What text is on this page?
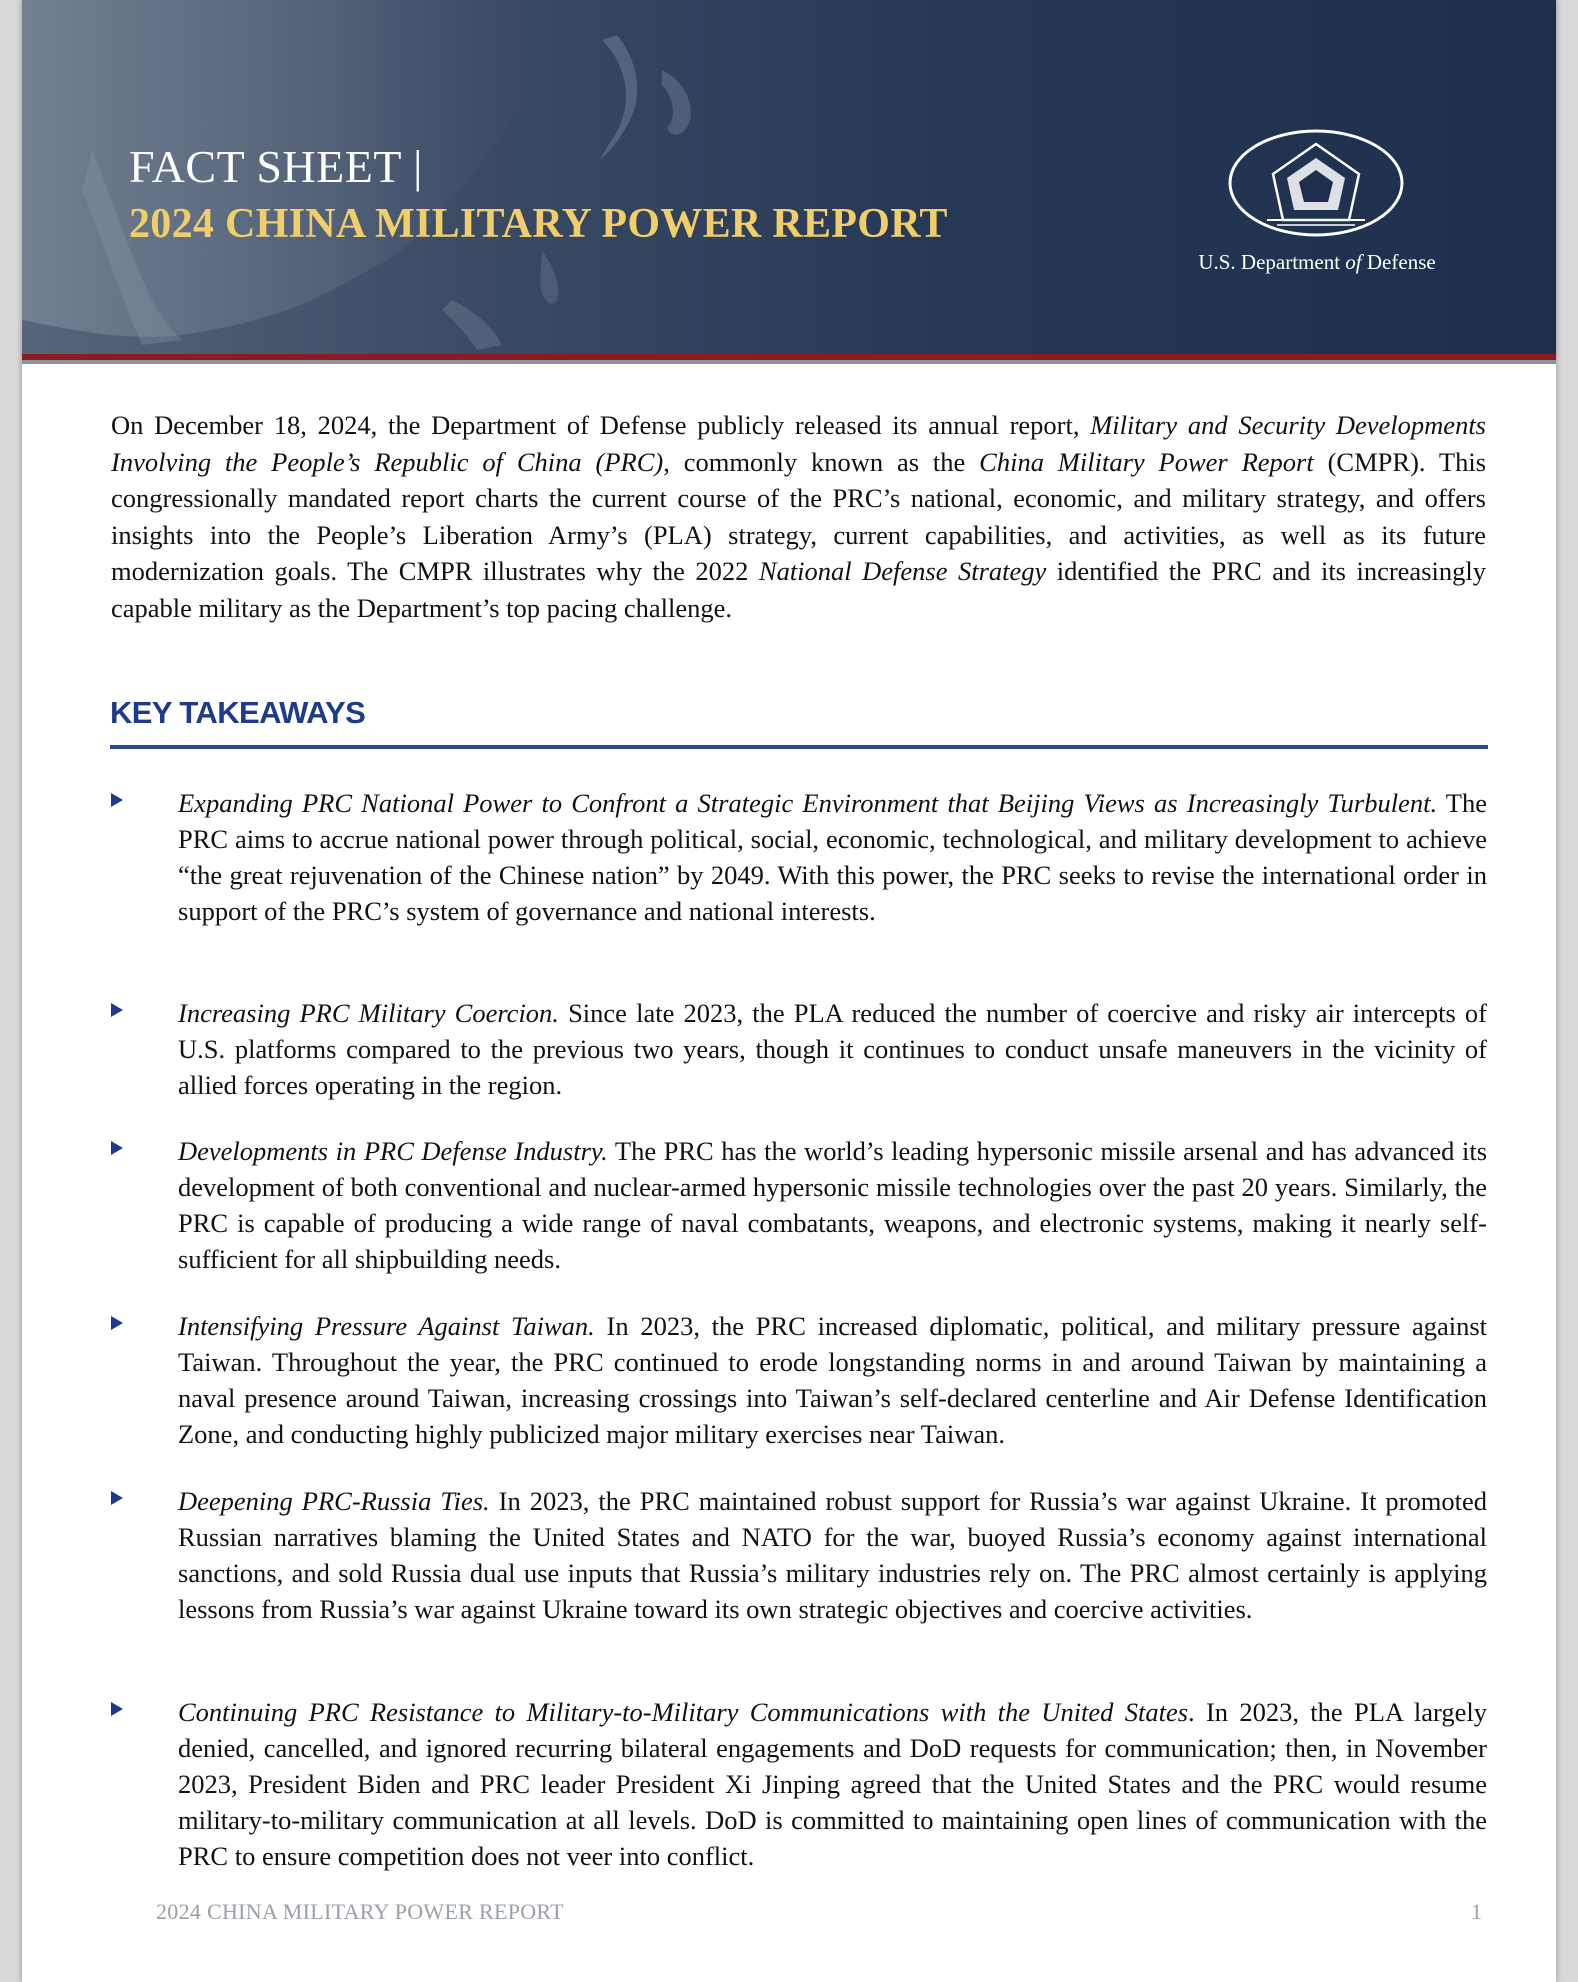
FACT SHEET |
2024 CHINA MILITARY POWER REPORT
U.S. Department of Defense

On December 18, 2024, the Department of Defense publicly released its annual report, Military and Security Developments Involving the People’s Republic of China (PRC), commonly known as the China Military Power Report (CMPR). This congressionally mandated report charts the current course of the PRC’s national, economic, and military strategy, and offers insights into the People’s Liberation Army’s (PLA) strategy, current capabilities, and activities, as well as its future modernization goals. The CMPR illustrates why the 2022 National Defense Strategy identified the PRC and its increasingly capable military as the Department’s top pacing challenge.

KEY TAKEAWAYS

Expanding PRC National Power to Confront a Strategic Environment that Beijing Views as Increasingly Turbulent. The PRC aims to accrue national power through political, social, economic, technological, and military development to achieve “the great rejuvenation of the Chinese nation” by 2049. With this power, the PRC seeks to revise the international order in support of the PRC’s system of governance and national interests.

Increasing PRC Military Coercion. Since late 2023, the PLA reduced the number of coercive and risky air intercepts of U.S. platforms compared to the previous two years, though it continues to conduct unsafe maneuvers in the vicinity of allied forces operating in the region.

Developments in PRC Defense Industry. The PRC has the world’s leading hypersonic missile arsenal and has advanced its development of both conventional and nuclear-armed hypersonic missile technologies over the past 20 years. Similarly, the PRC is capable of producing a wide range of naval combatants, weapons, and electronic systems, making it nearly self-sufficient for all shipbuilding needs.

Intensifying Pressure Against Taiwan. In 2023, the PRC increased diplomatic, political, and military pressure against Taiwan. Throughout the year, the PRC continued to erode longstanding norms in and around Taiwan by maintaining a naval presence around Taiwan, increasing crossings into Taiwan’s self-declared centerline and Air Defense Identification Zone, and conducting highly publicized major military exercises near Taiwan.

Deepening PRC-Russia Ties. In 2023, the PRC maintained robust support for Russia’s war against Ukraine. It promoted Russian narratives blaming the United States and NATO for the war, buoyed Russia’s economy against international sanctions, and sold Russia dual use inputs that Russia’s military industries rely on. The PRC almost certainly is applying lessons from Russia’s war against Ukraine toward its own strategic objectives and coercive activities.

Continuing PRC Resistance to Military-to-Military Communications with the United States. In 2023, the PLA largely denied, cancelled, and ignored recurring bilateral engagements and DoD requests for communication; then, in November 2023, President Biden and PRC leader President Xi Jinping agreed that the United States and the PRC would resume military-to-military communication at all levels. DoD is committed to maintaining open lines of communication with the PRC to ensure competition does not veer into conflict.

2024 CHINA MILITARY POWER REPORT	1
